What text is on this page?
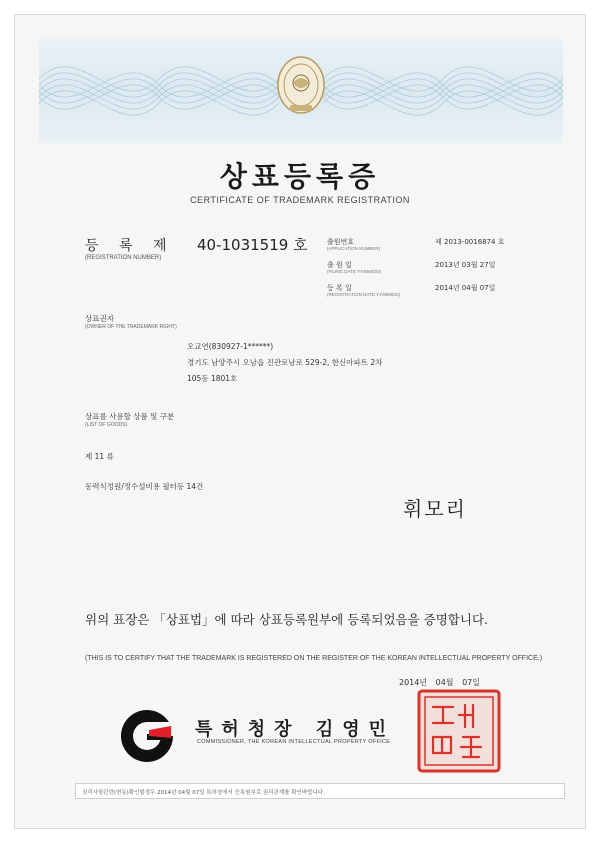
상표등록증
CERTIFICATE OF TRADEMARK REGISTRATION
등 록 제 40-1031519 호
(REGISTRATION NUMBER)
출원번호
(APPLICATION NUMBER)
제 2013-0016874 호
출 원 일
(FILING DATE:YY/MM/DD)
2013년 03월 27일
등 록 일
(REGISTRATION DATE:YY/MM/DD)
2014년 04월 07일
상표권자
(OWNER OF THE TRADEMARK RIGHT)
오교연(830927-1******)
경기도 남양주시 오남읍 진관로남로 529-2, 한신아파트 2차
105동 1801호
상표를 사용할 상품 및 구분
(LIST OF GOODS)
제 11 류
동력식정원/정수설비용 필터등 14건
휘모리
위의 표장은 「상표법」에 따라 상표등록원부에 등록되었음을 증명합니다.
(THIS IS TO CERTIFY THAT THE TRADEMARK IS REGISTERED ON THE REGISTER OF THE KOREAN INTELLECTUAL PROPERTY OFFICE.)
2014년 04월 07일
특허청장 김영민
COMMISSIONER, THE KOREAN INTELLECTUAL PROPERTY OFFICE
권리사항관련(변동)확인할경우 2014년 04월 07일 특허청에서 등록원부로 권리관계를 확인바랍니다.
